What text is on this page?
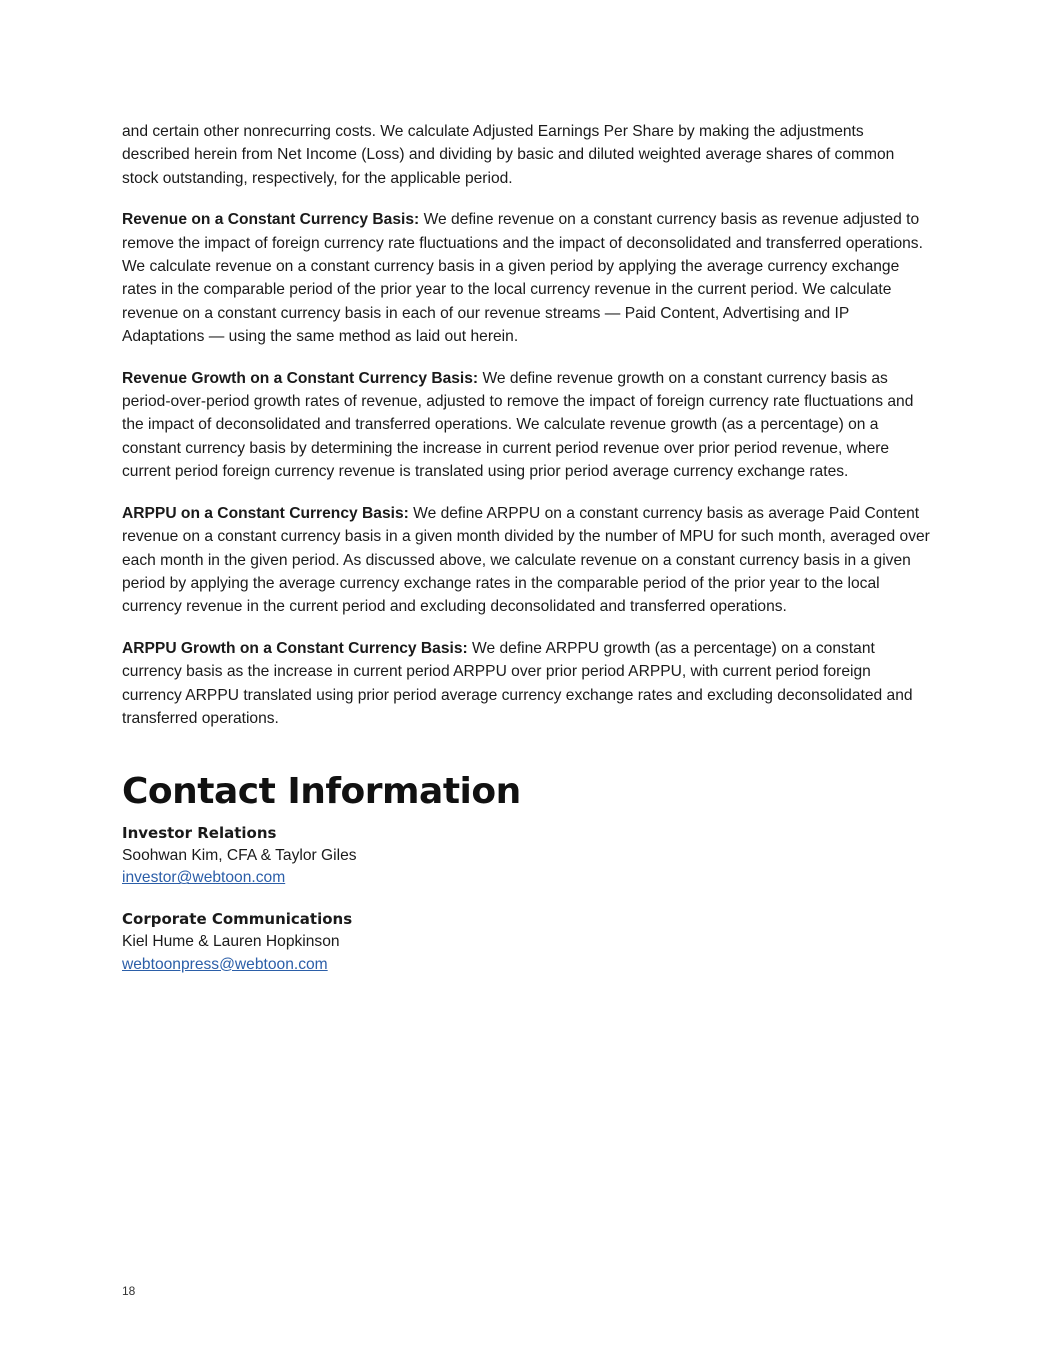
and certain other nonrecurring costs. We calculate Adjusted Earnings Per Share by making the adjustments described herein from Net Income (Loss) and dividing by basic and diluted weighted average shares of common stock outstanding, respectively, for the applicable period.

Revenue on a Constant Currency Basis: We define revenue on a constant currency basis as revenue adjusted to remove the impact of foreign currency rate fluctuations and the impact of deconsolidated and transferred operations. We calculate revenue on a constant currency basis in a given period by applying the average currency exchange rates in the comparable period of the prior year to the local currency revenue in the current period. We calculate revenue on a constant currency basis in each of our revenue streams — Paid Content, Advertising and IP Adaptations — using the same method as laid out herein.

Revenue Growth on a Constant Currency Basis: We define revenue growth on a constant currency basis as period-over-period growth rates of revenue, adjusted to remove the impact of foreign currency rate fluctuations and the impact of deconsolidated and transferred operations. We calculate revenue growth (as a percentage) on a constant currency basis by determining the increase in current period revenue over prior period revenue, where current period foreign currency revenue is translated using prior period average currency exchange rates.

ARPPU on a Constant Currency Basis: We define ARPPU on a constant currency basis as average Paid Content revenue on a constant currency basis in a given month divided by the number of MPU for such month, averaged over each month in the given period. As discussed above, we calculate revenue on a constant currency basis in a given period by applying the average currency exchange rates in the comparable period of the prior year to the local currency revenue in the current period and excluding deconsolidated and transferred operations.

ARPPU Growth on a Constant Currency Basis: We define ARPPU growth (as a percentage) on a constant currency basis as the increase in current period ARPPU over prior period ARPPU, with current period foreign currency ARPPU translated using prior period average currency exchange rates and excluding deconsolidated and transferred operations.

Contact Information
Investor Relations
Soohwan Kim, CFA & Taylor Giles
investor@webtoon.com
Corporate Communications
Kiel Hume & Lauren Hopkinson
webtoonpress@webtoon.com
18
